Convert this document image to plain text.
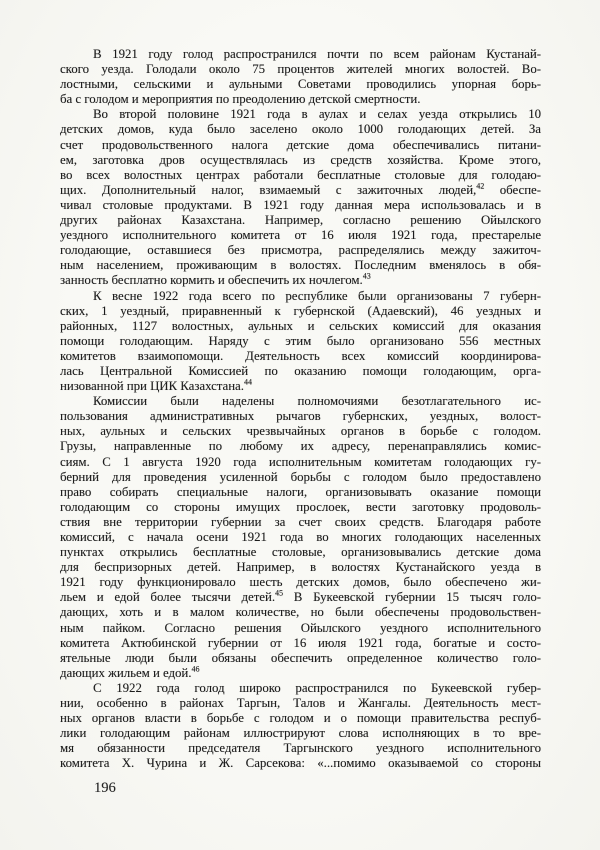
В 1921 году голод распространился почти по всем районам Кустанай-
ского уезда. Голодали около 75 процентов жителей многих волостей. Во-
лостными, сельскими и аульными Советами проводились упорная борь-
ба с голодом и мероприятия по преодолению детской смертности.
Во второй половине 1921 года в аулах и селах уезда открылись 10
детских домов, куда было заселено около 1000 голодающих детей. За
счет продовольственного налога детские дома обеспечивались питани-
ем, заготовка дров осуществлялась из средств хозяйства. Кроме этого,
во всех волостных центрах работали бесплатные столовые для голодаю-
щих. Дополнительный налог, взимаемый с зажиточных людей,$^{42}$ обеспе-
чивал столовые продуктами. В 1921 году данная мера использовалась и в
других районах Казахстана. Например, согласно решению Ойылского
уездного исполнительного комитета от 16 июля 1921 года, престарелые
голодающие, оставшиеся без присмотра, распределялись между зажиточ-
ным населением, проживающим в волостях. Последним вменялось в обя-
занность бесплатно кормить и обеспечить их ночлегом.$^{43}$
К весне 1922 года всего по республике были организованы 7 губерн-
ских, 1 уездный, приравненный к губернской (Адаевский), 46 уездных и
районных, 1127 волостных, аульных и сельских комиссий для оказания
помощи голодающим. Наряду с этим было организовано 556 местных
комитетов взаимопомощи. Деятельность всех комиссий координирова-
лась Центральной Комиссией по оказанию помощи голодающим, орга-
низованной при ЦИК Казахстана.$^{44}$
Комиссии были наделены полномочиями безотлагательного ис-
пользования административных рычагов губернских, уездных, волост-
ных, аульных и сельских чрезвычайных органов в борьбе с голодом.
Грузы, направленные по любому их адресу, перенаправлялись комис-
сиям. С 1 августа 1920 года исполнительным комитетам голодающих гу-
берний для проведения усиленной борьбы с голодом было предоставлено
право собирать специальные налоги, организовывать оказание помощи
голодающим со стороны имущих прослоек, вести заготовку продоволь-
ствия вне территории губернии за счет своих средств. Благодаря работе
комиссий, с начала осени 1921 года во многих голодающих населенных
пунктах открылись бесплатные столовые, организовывались детские дома
для беспризорных детей. Например, в волостях Кустанайского уезда в
1921 году функционировало шесть детских домов, было обеспечено жи-
льем и едой более тысячи детей.$^{45}$ В Букеевской губернии 15 тысяч голо-
дающих, хоть и в малом количестве, но были обеспечены продовольствен-
ным пайком. Согласно решения Ойылского уездного исполнительного
комитета Актюбинской губернии от 16 июля 1921 года, богатые и состо-
ятельные люди были обязаны обеспечить определенное количество голо-
дающих жильем и едой.$^{46}$
С 1922 года голод широко распространился по Букеевской губер-
нии, особенно в районах Таргын, Талов и Жангалы. Деятельность мест-
ных органов власти в борьбе с голодом и о помощи правительства респуб-
лики голодающим районам иллюстрируют слова исполняющих в то вре-
мя обязанности председателя Таргынского уездного исполнительного
комитета Х. Чурина и Ж. Сарсекова: «...помимо оказываемой со стороны
196
